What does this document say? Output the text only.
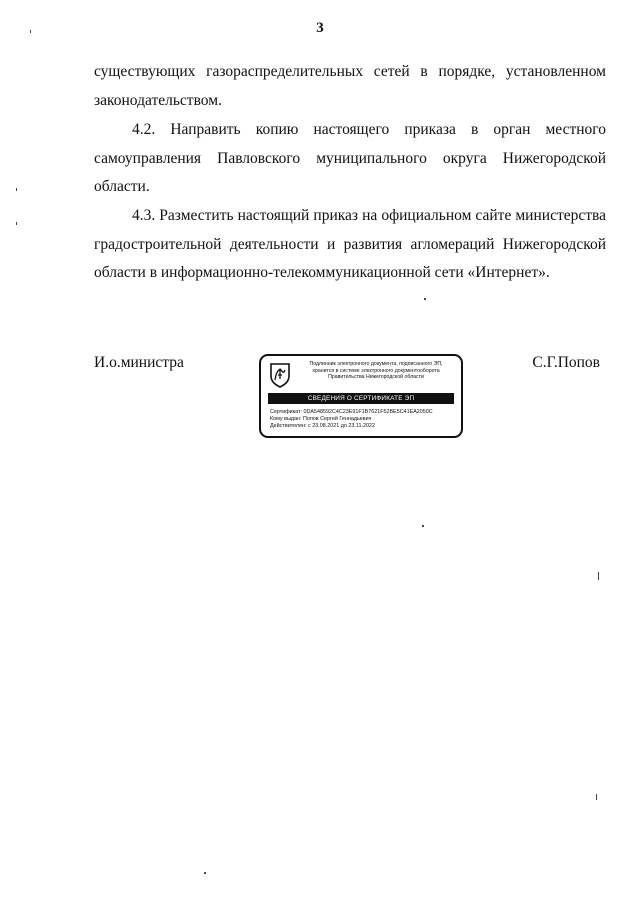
3

существующих газораспределительных сетей в порядке, установленном законодательством.

4.2. Направить копию настоящего приказа в орган местного самоуправления Павловского муниципального округа Нижегородской области.

4.3. Разместить настоящий приказ на официальном сайте министерства градостроительной деятельности и развития агломераций Нижегородской области в информационно-телекоммуникационной сети «Интернет».

И.о.министра	Подлинник электронного документа, подписанного ЭП,
хранится в системе электронного документооборота
Правительства Нижегородской области
СВЕДЕНИЯ О СЕРТИФИКАТЕ ЭП
Сертификат: 0DA548592C4C23E91F1B7621F52BE5C41EA2050C
Кому выдан: Попов Сергей Геннадьевич
Действителен: с 23.08.2021 до 23.11.2022
С.Г.Попов
